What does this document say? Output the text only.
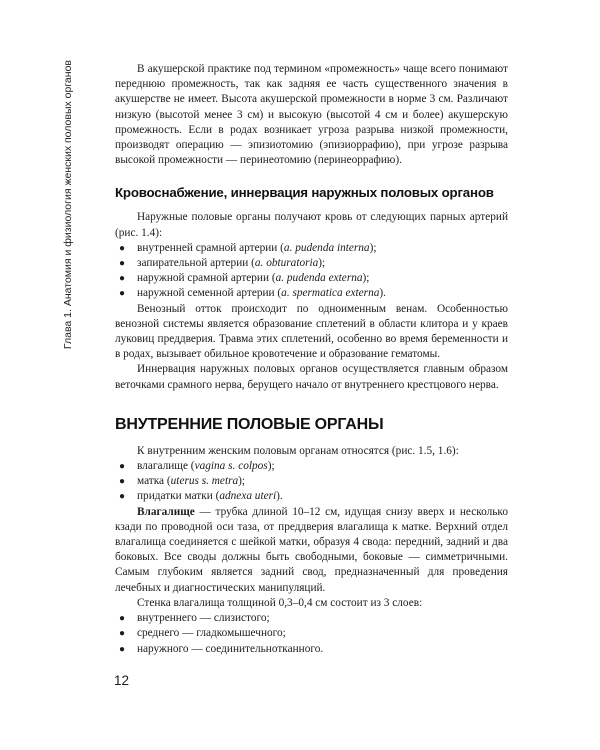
Глава 1. Анатомия и физиология женских половых органов	В акушерской практике под термином «промежность» чаще всего понимают переднюю промежность, так как задняя ее часть существенного значения в акушерстве не имеет. Высота акушерской промежности в норме 3 см. Различают низкую (высотой менее 3 см) и высокую (высотой 4 см и более) акушерскую промежность. Если в родах возникает угроза разрыва низкой промежности, производят операцию — эпизиотомию (эпизиоррафию), при угрозе разрыва высокой промежности — перинеотомию (перинеоррафию).

Кровоснабжение, иннервация наружных половых органов

Наружные половые органы получают кровь от следующих парных артерий (рис. 1.4):

● внутренней срамной артерии (a. pudenda interna);
● запирательной артерии (a. obturatoria);
● наружной срамной артерии (a. pudenda externa);
● наружной семенной артерии (a. spermatica externa).

Венозный отток происходит по одноименным венам. Особенностью венозной системы является образование сплетений в области клитора и у краев луковиц преддверия. Травма этих сплетений, особенно во время беременности и в родах, вызывает обильное кровотечение и образование гематомы.

Иннервация наружных половых органов осуществляется главным образом веточками срамного нерва, берущего начало от внутреннего крестцового нерва.

ВНУТРЕННИЕ ПОЛОВЫЕ ОРГАНЫ

К внутренним женским половым органам относятся (рис. 1.5, 1.6):

● влагалище (vagina s. colpos);
● матка (uterus s. metra);
● придатки матки (adnexa uteri).

Влагалище — трубка длиной 10–12 см, идущая снизу вверх и несколько кзади по проводной оси таза, от преддверия влагалища к матке. Верхний отдел влагалища соединяется с шейкой матки, образуя 4 свода: передний, задний и два боковых. Все своды должны быть свободными, боковые — симметричными. Самым глубоким является задний свод, предназначенный для проведения лечебных и диагностических манипуляций.

Стенка влагалища толщиной 0,3–0,4 см состоит из 3 слоев:

● внутреннего — слизистого;
● среднего — гладкомышечного;
● наружного — соединительнотканного.
12
